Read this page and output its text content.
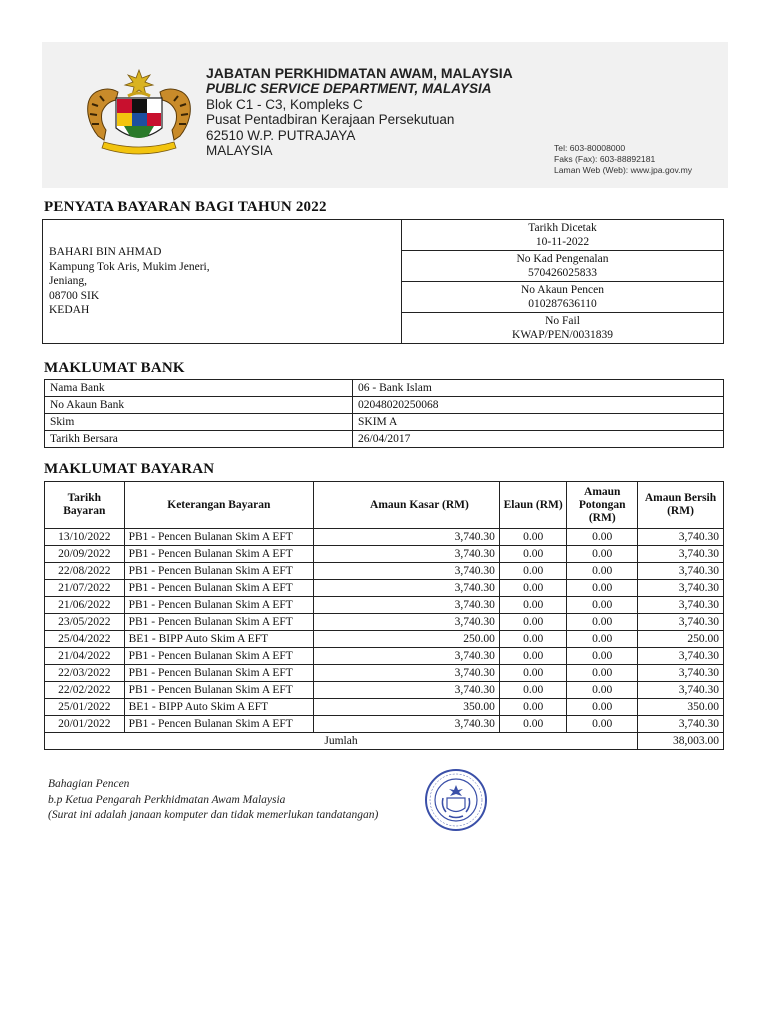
JABATAN PERKHIDMATAN AWAM, MALAYSIA
PUBLIC SERVICE DEPARTMENT, MALAYSIA
Blok C1 - C3, Kompleks C
Pusat Pentadbiran Kerajaan Persekutuan
62510 W.P. PUTRAJAYA
MALAYSIA	Tel: 603-80008000
Faks (Fax): 603-88892181
Laman Web (Web): www.jpa.gov.my
PENYATA BAYARAN BAGI TAHUN 2022
BAHARI BIN AHMAD
Kampung Tok Aris, Mukim Jeneri,
Jeniang,
08700 SIK
KEDAH

Tarikh Dicetak
10-11-2022

No Kad Pengenalan
570426025833

No Akaun Pencen
010287636110

No Fail
KWAP/PEN/0031839
MAKLUMAT BANK
Nama Bank	06 - Bank Islam
No Akaun Bank	02048020250068
Skim	SKIM A
Tarikh Bersara	26/04/2017
MAKLUMAT BAYARAN
Tarikh Bayaran	Keterangan Bayaran	Amaun Kasar (RM)	Elaun (RM)	Amaun Potongan (RM)	Amaun Bersih (RM)
13/10/2022	PB1 - Pencen Bulanan Skim A EFT	3,740.30	0.00	0.00	3,740.30
20/09/2022	PB1 - Pencen Bulanan Skim A EFT	3,740.30	0.00	0.00	3,740.30
22/08/2022	PB1 - Pencen Bulanan Skim A EFT	3,740.30	0.00	0.00	3,740.30
21/07/2022	PB1 - Pencen Bulanan Skim A EFT	3,740.30	0.00	0.00	3,740.30
21/06/2022	PB1 - Pencen Bulanan Skim A EFT	3,740.30	0.00	0.00	3,740.30
23/05/2022	PB1 - Pencen Bulanan Skim A EFT	3,740.30	0.00	0.00	3,740.30
25/04/2022	BE1 - BIPP Auto Skim A EFT	250.00	0.00	0.00	250.00
21/04/2022	PB1 - Pencen Bulanan Skim A EFT	3,740.30	0.00	0.00	3,740.30
22/03/2022	PB1 - Pencen Bulanan Skim A EFT	3,740.30	0.00	0.00	3,740.30
22/02/2022	PB1 - Pencen Bulanan Skim A EFT	3,740.30	0.00	0.00	3,740.30
25/01/2022	BE1 - BIPP Auto Skim A EFT	350.00	0.00	0.00	350.00
20/01/2022	PB1 - Pencen Bulanan Skim A EFT	3,740.30	0.00	0.00	3,740.30
Jumlah					38,003.00
Bahagian Pencen
b.p Ketua Pengarah Perkhidmatan Awam Malaysia
(Surat ini adalah janaan komputer dan tidak memerlukan tandatangan)
